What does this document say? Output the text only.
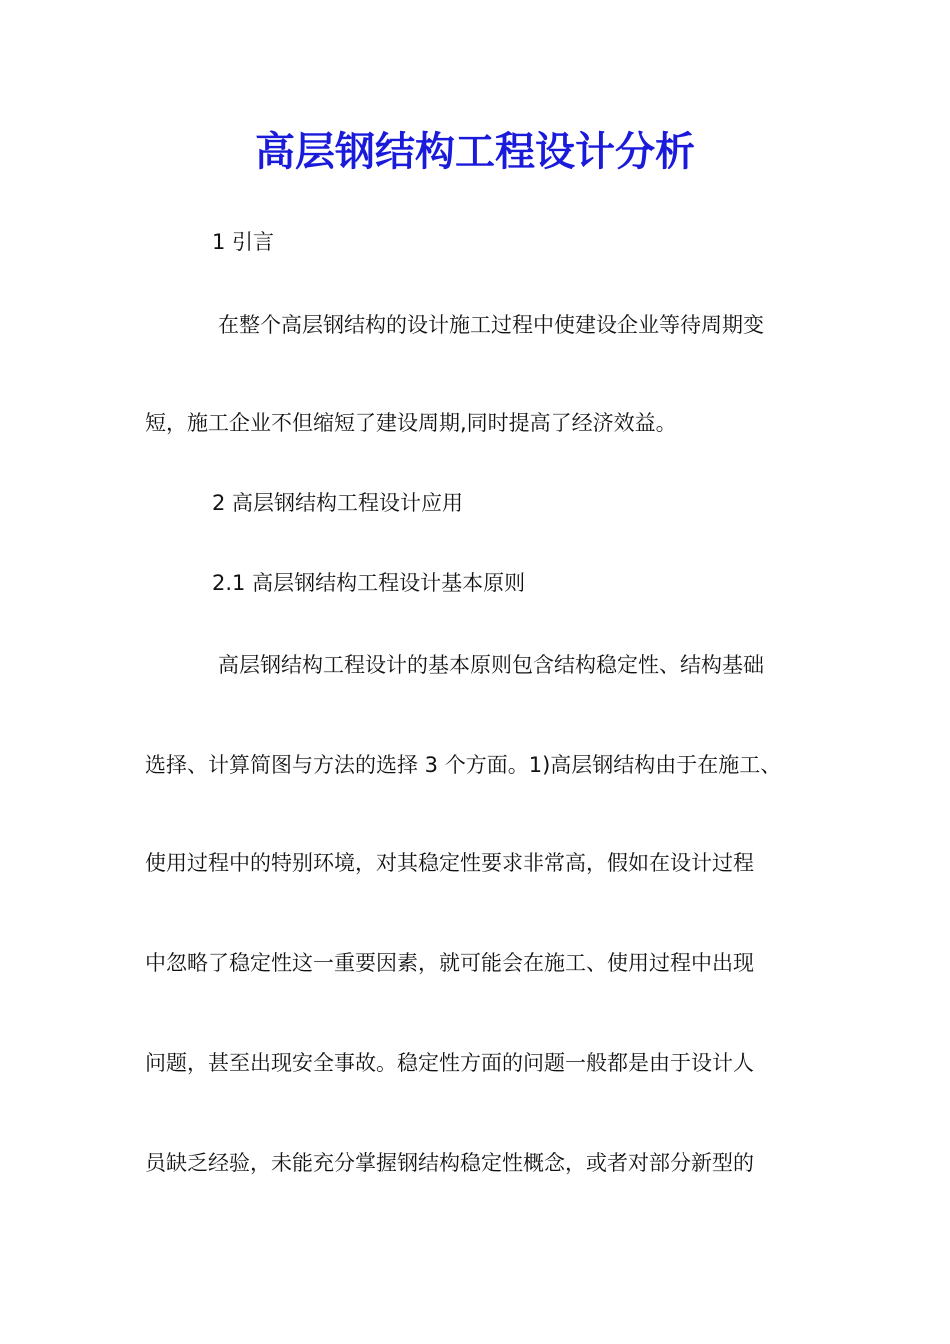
高层钢结构工程设计分析
1 引言
在整个高层钢结构的设计施工过程中使建设企业等待周期变
短，施工企业不但缩短了建设周期,同时提高了经济效益。
2 高层钢结构工程设计应用
2.1 高层钢结构工程设计基本原则
高层钢结构工程设计的基本原则包含结构稳定性、结构基础
选择、计算简图与方法的选择 3 个方面。1)高层钢结构由于在施工、
使用过程中的特别环境，对其稳定性要求非常高，假如在设计过程
中忽略了稳定性这一重要因素，就可能会在施工、使用过程中出现
问题，甚至出现安全事故。稳定性方面的问题一般都是由于设计人
员缺乏经验，未能充分掌握钢结构稳定性概念，或者对部分新型的
